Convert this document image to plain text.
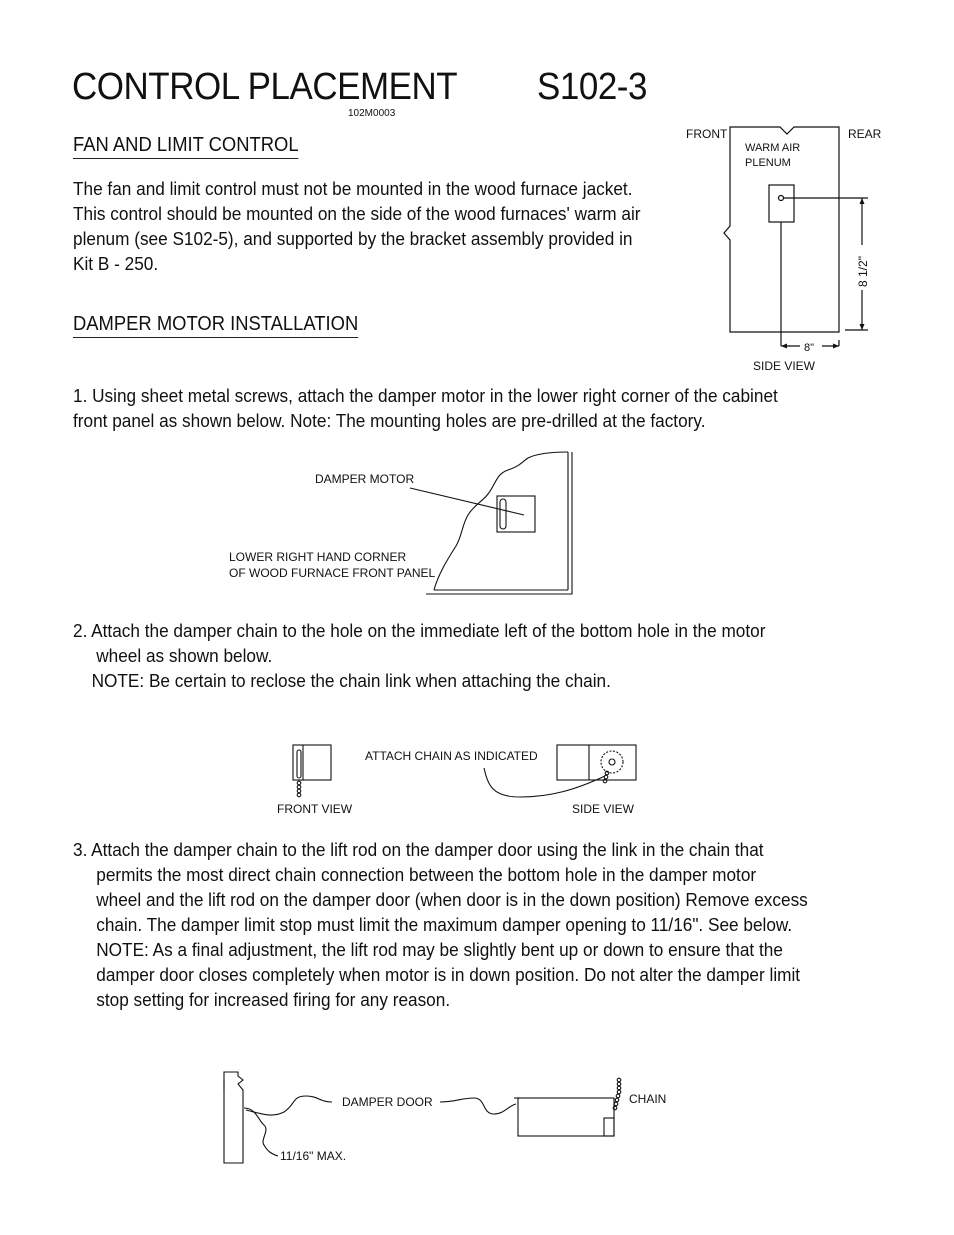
CONTROL PLACEMENT S102-3
102M0003
FAN AND LIMIT CONTROL
The fan and limit control must not be mounted in the wood furnace jacket.
This control should be mounted on the side of the wood furnaces' warm air
plenum (see S102-5), and supported by the bracket assembly provided in
Kit B - 250.
FRONT	REAR
WARM AIR
PLENUM
8 1/2"
8"
SIDE VIEW
DAMPER MOTOR INSTALLATION
1. Using sheet metal screws, attach the damper motor in the lower right corner of the cabinet
front panel as shown below. Note: The mounting holes are pre-drilled at the factory.
DAMPER MOTOR
LOWER RIGHT HAND CORNER
OF WOOD FURNACE FRONT PANEL
2. Attach the damper chain to the hole on the immediate left of the bottom hole in the motor
wheel as shown below.
NOTE: Be certain to reclose the chain link when attaching the chain.
ATTACH CHAIN AS INDICATED
FRONT VIEW	SIDE VIEW
3. Attach the damper chain to the lift rod on the damper door using the link in the chain that
permits the most direct chain connection between the bottom hole in the damper motor
wheel and the lift rod on the damper door (when door is in the down position) Remove excess
chain. The damper limit stop must limit the maximum damper opening to 11/16". See below.
NOTE: As a final adjustment, the lift rod may be slightly bent up or down to ensure that the
damper door closes completely when motor is in down position. Do not alter the damper limit
stop setting for increased firing for any reason.
DAMPER DOOR	CHAIN
11/16" MAX.
